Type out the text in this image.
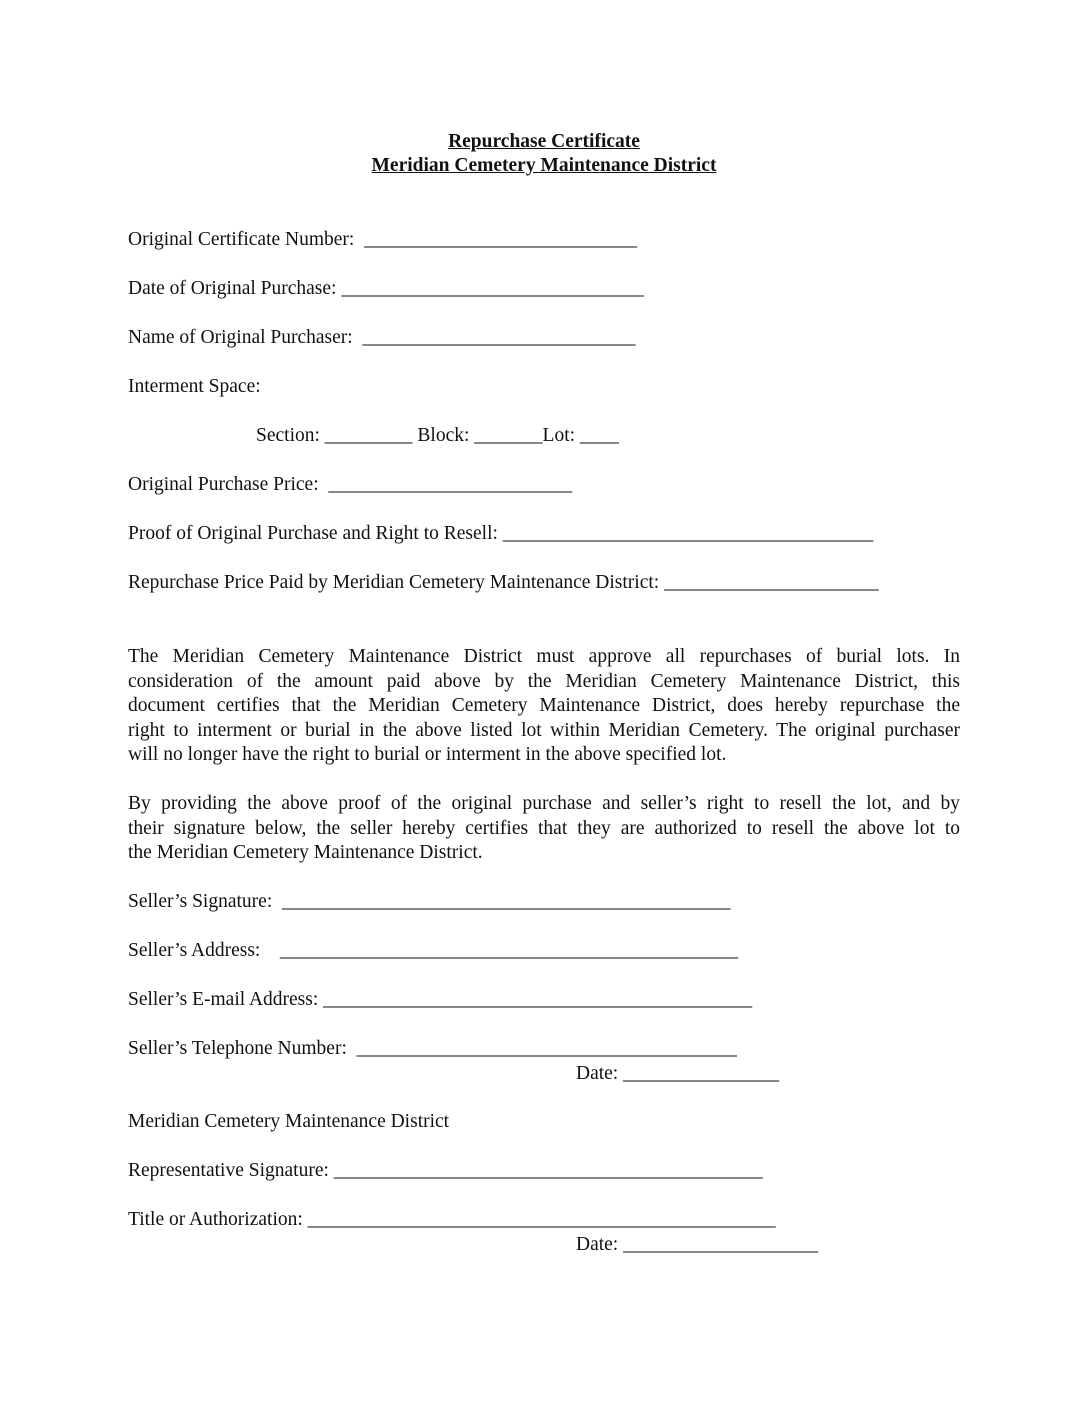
Repurchase Certificate
Meridian Cemetery Maintenance District
Original Certificate Number:  ____________________________
Date of Original Purchase: _______________________________
Name of Original Purchaser:  ____________________________
Interment Space:
Section: _________ Block: _______Lot: ____
Original Purchase Price:  _________________________
Proof of Original Purchase and Right to Resell: ______________________________________
Repurchase Price Paid by Meridian Cemetery Maintenance District: ______________________
The Meridian Cemetery Maintenance District must approve all repurchases of burial lots. In
consideration of the amount paid above by the Meridian Cemetery Maintenance District, this
document certifies that the Meridian Cemetery Maintenance District, does hereby repurchase the
right to interment or burial in the above listed lot within Meridian Cemetery. The original purchaser
will no longer have the right to burial or interment in the above specified lot.
By providing the above proof of the original purchase and seller’s right to resell the lot, and by
their signature below, the seller hereby certifies that they are authorized to resell the above lot to
the Meridian Cemetery Maintenance District.
Seller’s Signature:  ______________________________________________
Seller’s Address:    _______________________________________________
Seller’s E-mail Address: ____________________________________________
Seller’s Telephone Number:  _______________________________________
Date: ________________
Meridian Cemetery Maintenance District
Representative Signature: ____________________________________________
Title or Authorization: ________________________________________________
Date: ____________________
